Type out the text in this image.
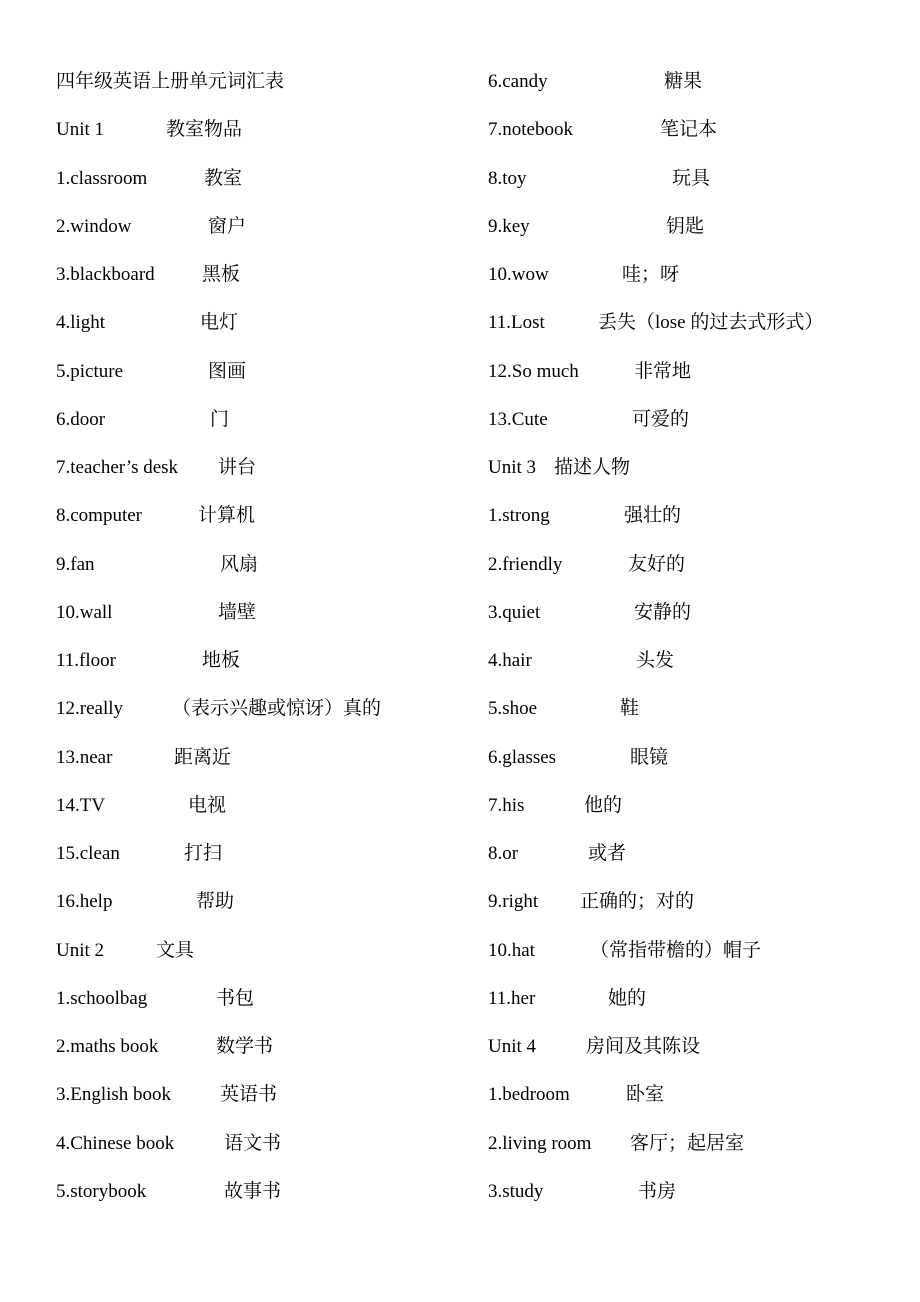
四年级英语上册单元词汇表
Unit 1	教室物品
1.classroom	教室
2.window	窗户
3.blackboard 黑板
4.light	电灯
5.picture	图画
6.door	门
7.teacher’s desk 讲台
8.computer	计算机
9.fan	风扇
10.wall	墙壁
11.floor	地板
12.really	（表示兴趣或惊讶）真的
13.near	距离近
14.TV	电视
15.clean	打扫
16.help	帮助
Unit 2	文具
1.schoolbag	书包
2.maths book	数学书
3.English book	英语书
4.Chinese book	语文书
5.storybook	故事书
6.candy	糖果
7.notebook	笔记本
8.toy	玩具
9.key	钥匙
10.wow	哇；呀
11.Lost	丢失（lose 的过去式形式）
12.So much	非常地
13.Cute	可爱的
Unit 3 描述人物
1.strong	强壮的
2.friendly	友好的
3.quiet	安静的
4.hair	头发
5.shoe	鞋
6.glasses	眼镜
7.his	他的
8.or	或者
9.right 正确的；对的
10.hat	（常指带檐的）帽子
11.her	她的
Unit 4	房间及其陈设
1.bedroom	卧室
2.living room 客厅；起居室
3.study	书房
